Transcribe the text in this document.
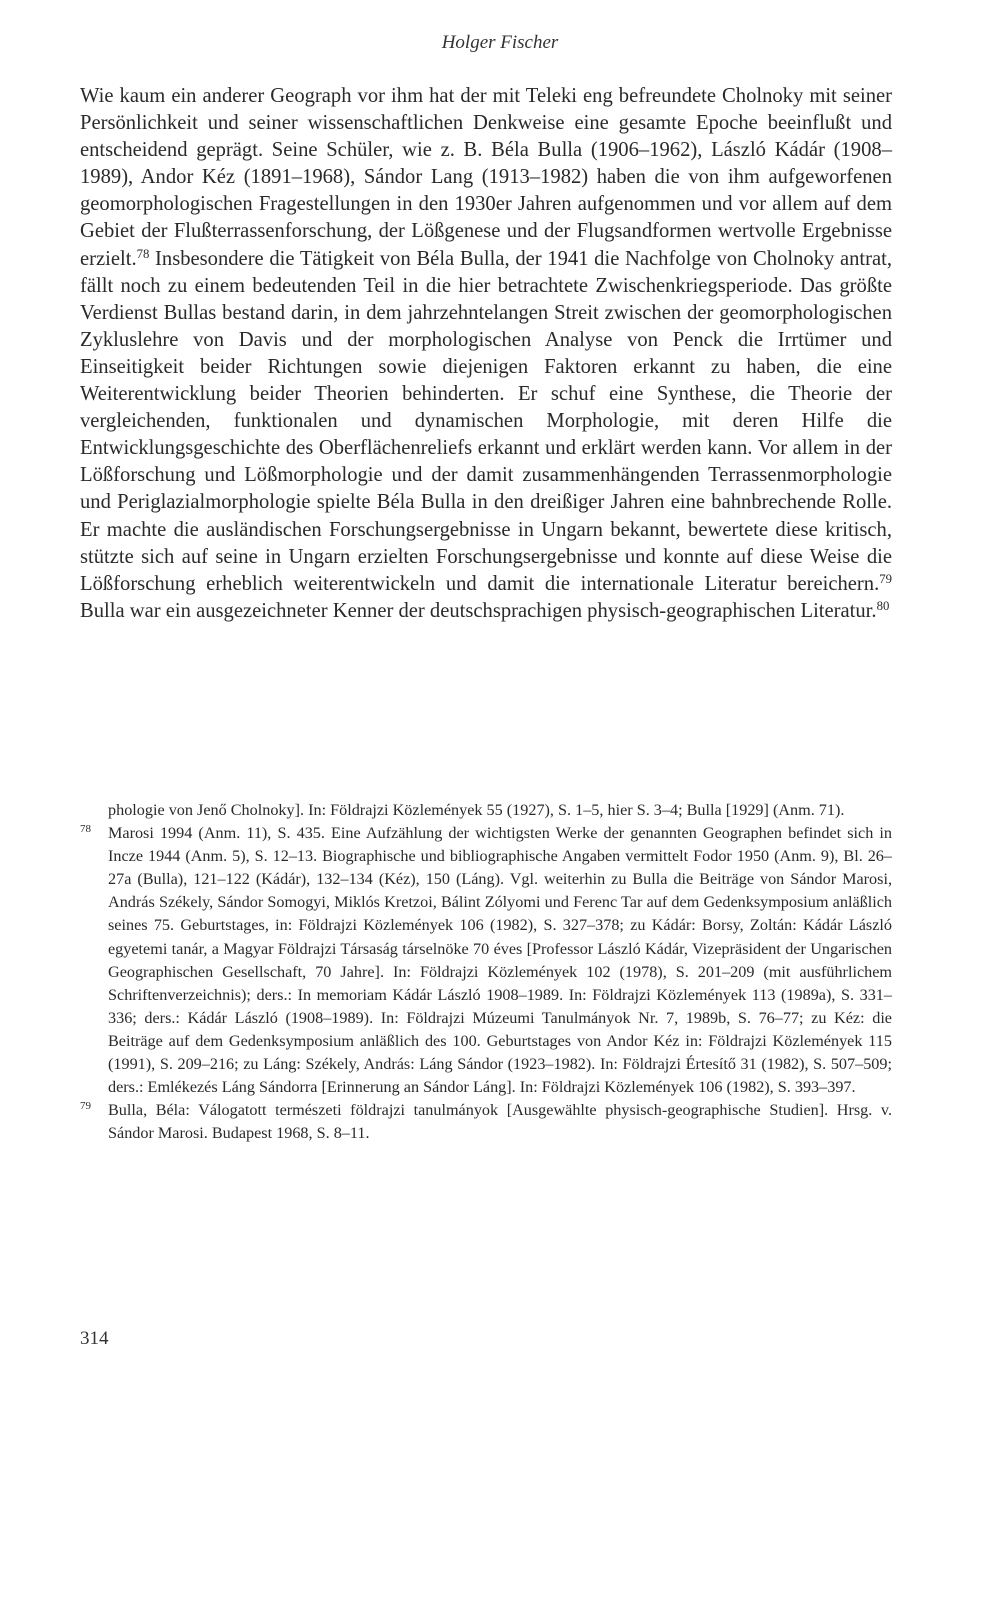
Holger Fischer

Wie kaum ein anderer Geograph vor ihm hat der mit Teleki eng befreundete Cholnoky mit seiner Persönlichkeit und seiner wissenschaftlichen Denkweise eine gesamte Epoche beeinflußt und entscheidend geprägt. Seine Schüler, wie z. B. Béla Bulla (1906–1962), László Kádár (1908–1989), Andor Kéz (1891–1968), Sándor Lang (1913–1982) haben die von ihm aufgeworfenen geomorphologischen Fragestellungen in den 1930er Jahren aufgenommen und vor allem auf dem Gebiet der Flußterrassenforschung, der Lößgenese und der Flugsandformen wertvolle Ergebnisse erzielt.$^{78}$ Insbesondere die Tätigkeit von Béla Bulla, der 1941 die Nachfolge von Cholnoky antrat, fällt noch zu einem bedeutenden Teil in die hier betrachtete Zwischenkriegsperiode. Das größte Verdienst Bullas bestand darin, in dem jahrzehntelangen Streit zwischen der geomorphologischen Zykluslehre von Davis und der morphologischen Analyse von Penck die Irrtümer und Einseitigkeit beider Richtungen sowie diejenigen Faktoren erkannt zu haben, die eine Weiterentwicklung beider Theorien behinderten. Er schuf eine Synthese, die Theorie der vergleichenden, funktionalen und dynamischen Morphologie, mit deren Hilfe die Entwicklungsgeschichte des Oberflächenreliefs erkannt und erklärt werden kann. Vor allem in der Lößforschung und Lößmorphologie und der damit zusammenhängenden Terrassenmorphologie und Periglazialmorphologie spielte Béla Bulla in den dreißiger Jahren eine bahnbrechende Rolle. Er machte die ausländischen Forschungsergebnisse in Ungarn bekannt, bewertete diese kritisch, stützte sich auf seine in Ungarn erzielten Forschungsergebnisse und konnte auf diese Weise die Lößforschung erheblich weiterentwickeln und damit die internationale Literatur bereichern.$^{79}$ Bulla war ein ausgezeichneter Kenner der deutschsprachigen physisch-geographischen Literatur.$^{80}$

phologie von Jenő Cholnoky]. In: Földrajzi Közlemények 55 (1927), S. 1–5, hier S. 3–4; Bulla [1929] (Anm. 71).

78 Marosi 1994 (Anm. 11), S. 435. Eine Aufzählung der wichtigsten Werke der genannten Geographen befindet sich in Incze 1944 (Anm. 5), S. 12–13. Biographische und bibliographische Angaben vermittelt Fodor 1950 (Anm. 9), Bl. 26–27a (Bulla), 121–122 (Kádár), 132–134 (Kéz), 150 (Láng). Vgl. weiterhin zu Bulla die Beiträge von Sándor Marosi, András Székely, Sándor Somogyi, Miklós Kretzoi, Bálint Zólyomi und Ferenc Tar auf dem Gedenksymposium anläßlich seines 75. Geburtstages, in: Földrajzi Közlemények 106 (1982), S. 327–378; zu Kádár: Borsy, Zoltán: Kádár László egyetemi tanár, a Magyar Földrajzi Társaság társelnöke 70 éves [Professor László Kádár, Vizepräsident der Ungarischen Geographischen Gesellschaft, 70 Jahre]. In: Földrajzi Közlemények 102 (1978), S. 201–209 (mit ausführlichem Schriftenverzeichnis); ders.: In memoriam Kádár László 1908–1989. In: Földrajzi Közlemények 113 (1989a), S. 331–336; ders.: Kádár László (1908–1989). In: Földrajzi Múzeumi Tanulmányok Nr. 7, 1989b, S. 76–77; zu Kéz: die Beiträge auf dem Gedenksymposium anläßlich des 100. Geburtstages von Andor Kéz in: Földrajzi Közlemények 115 (1991), S. 209–216; zu Láng: Székely, András: Láng Sándor (1923–1982). In: Földrajzi Értesítő 31 (1982), S. 507–509; ders.: Emlékezés Láng Sándorra [Erinnerung an Sándor Láng]. In: Földrajzi Közlemények 106 (1982), S. 393–397.

79 Bulla, Béla: Válogatott természeti földrajzi tanulmányok [Ausgewählte physisch-geographische Studien]. Hrsg. v. Sándor Marosi. Budapest 1968, S. 8–11.

314
